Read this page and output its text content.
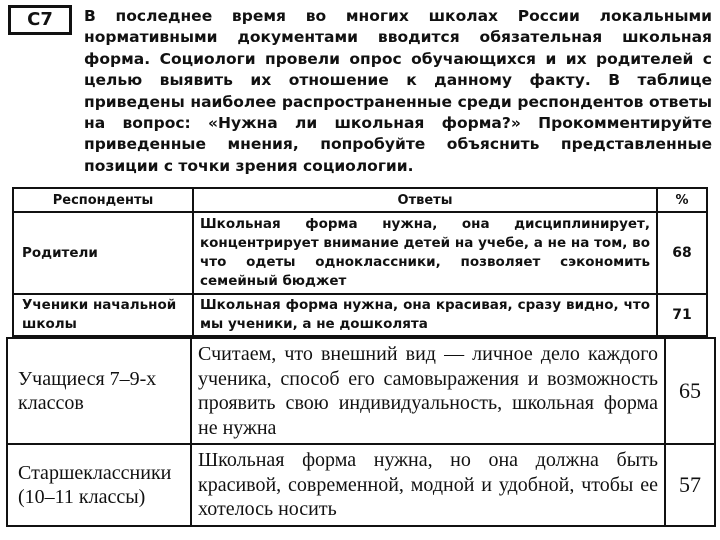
С7	В последнее время во многих школах России локальными нормативными документами вводится обязательная школьная форма. Социологи провели опрос обучающихся и их родителей с целью выявить их отношение к данному факту. В таблице приведены наиболее распространенные среди респондентов ответы на вопрос: «Нужна ли школьная форма?» Прокомментируйте приведенные мнения, попробуйте объяснить представленные позиции с точки зрения социологии.

Респонденты	Ответы	%
Родители	Школьная форма нужна, она дисциплинирует, концентрирует внимание детей на учебе, а не на том, во что одеты одноклассники, позволяет сэкономить семейный бюджет	68
Ученики начальной школы	Школьная форма нужна, она красивая, сразу видно, что мы ученики, а не дошколята	71
Учащиеся 7–9-х классов	Считаем, что внешний вид — личное дело каждого ученика, способ его самовыражения и возможность проявить свою индивидуальность, школьная форма не нужна	65
Старшеклассники (10–11 классы)	Школьная форма нужна, но она должна быть красивой, современной, модной и удобной, чтобы ее хотелось носить	57
